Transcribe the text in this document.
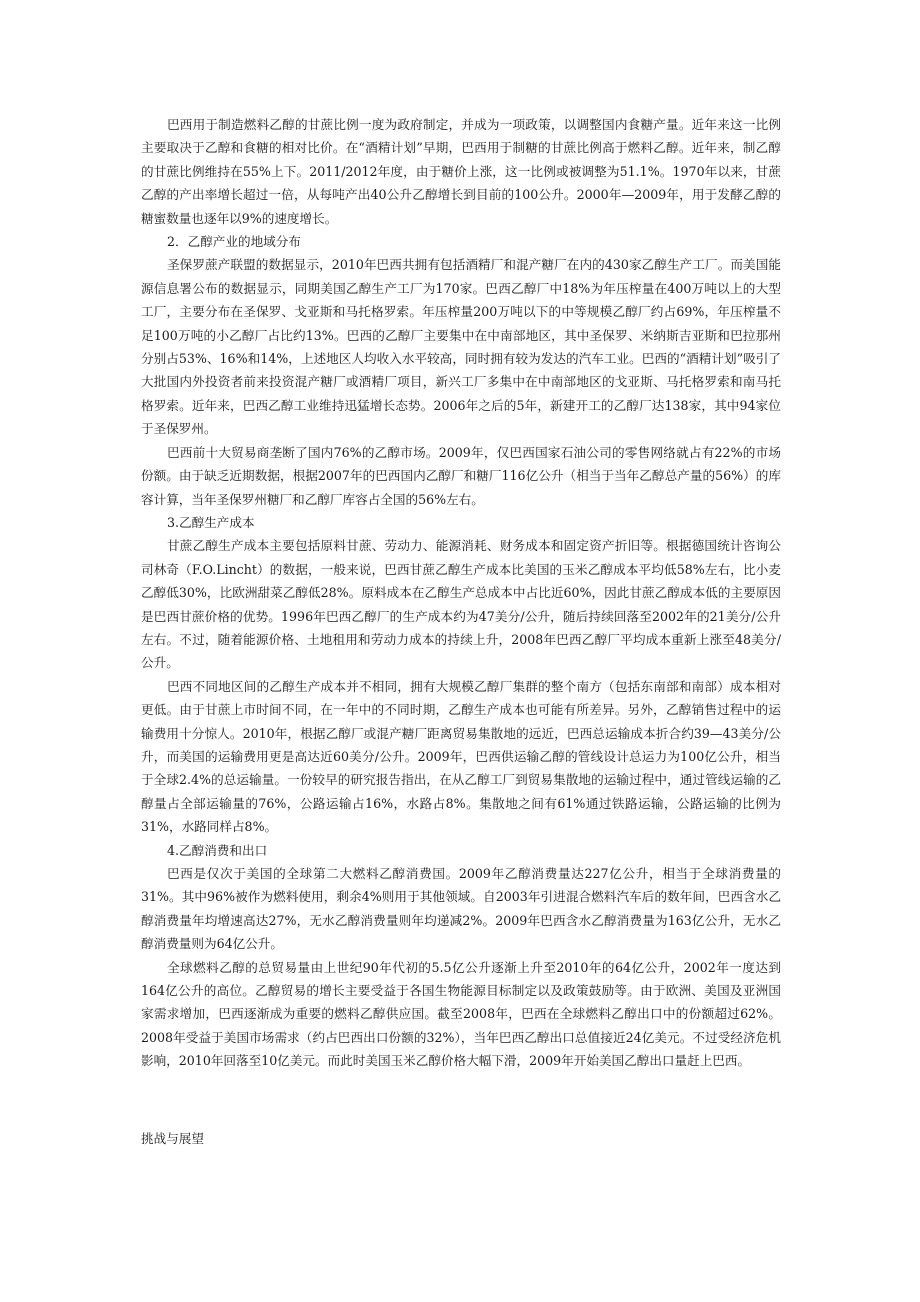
巴西用于制造燃料乙醇的甘蔗比例一度为政府制定，并成为一项政策，以调整国内食糖产量。近年来这一比例主要取决于乙醇和食糖的相对比价。在“酒精计划”早期，巴西用于制糖的甘蔗比例高于燃料乙醇。近年来，制乙醇的甘蔗比例维持在55%上下。2011/2012年度，由于糖价上涨，这一比例或被调整为51.1%。1970年以来，甘蔗乙醇的产出率增长超过一倍，从每吨产出40公升乙醇增长到目前的100公升。2000年—2009年，用于发酵乙醇的糖蜜数量也逐年以9%的速度增长。

2．乙醇产业的地域分布

圣保罗蔗产联盟的数据显示，2010年巴西共拥有包括酒精厂和混产糖厂在内的430家乙醇生产工厂。而美国能源信息署公布的数据显示，同期美国乙醇生产工厂为170家。巴西乙醇厂中18%为年压榨量在400万吨以上的大型工厂，主要分布在圣保罗、戈亚斯和马托格罗索。年压榨量200万吨以下的中等规模乙醇厂约占69%，年压榨量不足100万吨的小乙醇厂占比约13%。巴西的乙醇厂主要集中在中南部地区，其中圣保罗、米纳斯吉亚斯和巴拉那州分别占53%、16%和14%，上述地区人均收入水平较高，同时拥有较为发达的汽车工业。巴西的“酒精计划”吸引了大批国内外投资者前来投资混产糖厂或酒精厂项目，新兴工厂多集中在中南部地区的戈亚斯、马托格罗索和南马托格罗索。近年来，巴西乙醇工业维持迅猛增长态势。2006年之后的5年，新建开工的乙醇厂达138家，其中94家位于圣保罗州。

巴西前十大贸易商垄断了国内76%的乙醇市场。2009年，仅巴西国家石油公司的零售网络就占有22%的市场份额。由于缺乏近期数据，根据2007年的巴西国内乙醇厂和糖厂116亿公升（相当于当年乙醇总产量的56%）的库容计算，当年圣保罗州糖厂和乙醇厂库容占全国的56%左右。

3.乙醇生产成本

甘蔗乙醇生产成本主要包括原料甘蔗、劳动力、能源消耗、财务成本和固定资产折旧等。根据德国统计咨询公司林奇（F.O.Lincht）的数据，一般来说，巴西甘蔗乙醇生产成本比美国的玉米乙醇成本平均低58%左右，比小麦乙醇低30%，比欧洲甜菜乙醇低28%。原料成本在乙醇生产总成本中占比近60%，因此甘蔗乙醇成本低的主要原因是巴西甘蔗价格的优势。1996年巴西乙醇厂的生产成本约为47美分/公升，随后持续回落至2002年的21美分/公升左右。不过，随着能源价格、土地租用和劳动力成本的持续上升，2008年巴西乙醇厂平均成本重新上涨至48美分/公升。

巴西不同地区间的乙醇生产成本并不相同，拥有大规模乙醇厂集群的整个南方（包括东南部和南部）成本相对更低。由于甘蔗上市时间不同，在一年中的不同时期，乙醇生产成本也可能有所差异。另外，乙醇销售过程中的运输费用十分惊人。2010年，根据乙醇厂或混产糖厂距离贸易集散地的远近，巴西总运输成本折合约39—43美分/公升，而美国的运输费用更是高达近60美分/公升。2009年，巴西供运输乙醇的管线设计总运力为100亿公升，相当于全球2.4%的总运输量。一份较早的研究报告指出，在从乙醇工厂到贸易集散地的运输过程中，通过管线运输的乙醇量占全部运输量的76%，公路运输占16%，水路占8%。集散地之间有61%通过铁路运输，公路运输的比例为31%，水路同样占8%。

4.乙醇消费和出口

巴西是仅次于美国的全球第二大燃料乙醇消费国。2009年乙醇消费量达227亿公升，相当于全球消费量的31%。其中96%被作为燃料使用，剩余4%则用于其他领域。自2003年引进混合燃料汽车后的数年间，巴西含水乙醇消费量年均增速高达27%，无水乙醇消费量则年均递减2%。2009年巴西含水乙醇消费量为163亿公升，无水乙醇消费量则为64亿公升。

全球燃料乙醇的总贸易量由上世纪90年代初的5.5亿公升逐渐上升至2010年的64亿公升，2002年一度达到164亿公升的高位。乙醇贸易的增长主要受益于各国生物能源目标制定以及政策鼓励等。由于欧洲、美国及亚洲国家需求增加，巴西逐渐成为重要的燃料乙醇供应国。截至2008年，巴西在全球燃料乙醇出口中的份额超过62%。2008年受益于美国市场需求（约占巴西出口份额的32%），当年巴西乙醇出口总值接近24亿美元。不过受经济危机影响，2010年回落至10亿美元。而此时美国玉米乙醇价格大幅下滑，2009年开始美国乙醇出口量赶上巴西。

挑战与展望
